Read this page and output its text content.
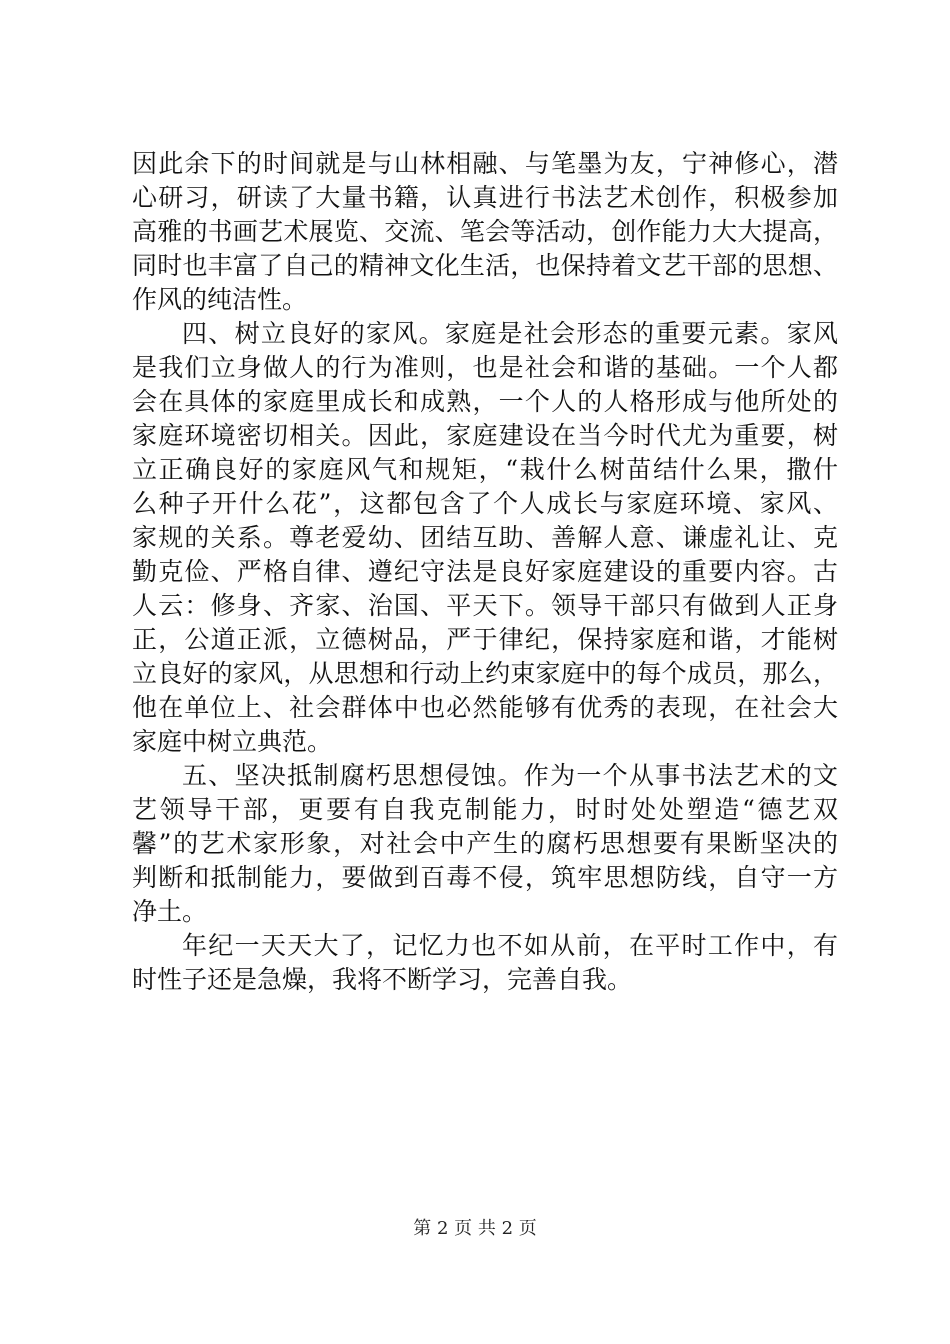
因此余下的时间就是与山林相融、与笔墨为友，宁神修心，潜
心研习，研读了大量书籍，认真进行书法艺术创作，积极参加
高雅的书画艺术展览、交流、笔会等活动，创作能力大大提高，
同时也丰富了自己的精神文化生活，也保持着文艺干部的思想、
作风的纯洁性。
四、树立良好的家风。家庭是社会形态的重要元素。家风
是我们立身做人的行为准则，也是社会和谐的基础。一个人都
会在具体的家庭里成长和成熟，一个人的人格形成与他所处的
家庭环境密切相关。因此，家庭建设在当今时代尤为重要，树
立正确良好的家庭风气和规矩，“栽什么树苗结什么果，撒什
么种子开什么花”，这都包含了个人成长与家庭环境、家风、
家规的关系。尊老爱幼、团结互助、善解人意、谦虚礼让、克
勤克俭、严格自律、遵纪守法是良好家庭建设的重要内容。古
人云：修身、齐家、治国、平天下。领导干部只有做到人正身
正，公道正派，立德树品，严于律纪，保持家庭和谐，才能树
立良好的家风，从思想和行动上约束家庭中的每个成员，那么，
他在单位上、社会群体中也必然能够有优秀的表现，在社会大
家庭中树立典范。
五、坚决抵制腐朽思想侵蚀。作为一个从事书法艺术的文
艺领导干部，更要有自我克制能力，时时处处塑造“德艺双
馨”的艺术家形象，对社会中产生的腐朽思想要有果断坚决的
判断和抵制能力，要做到百毒不侵，筑牢思想防线，自守一方
净土。
年纪一天天大了，记忆力也不如从前，在平时工作中，有
时性子还是急燥，我将不断学习，完善自我。
第 2 页 共 2 页
